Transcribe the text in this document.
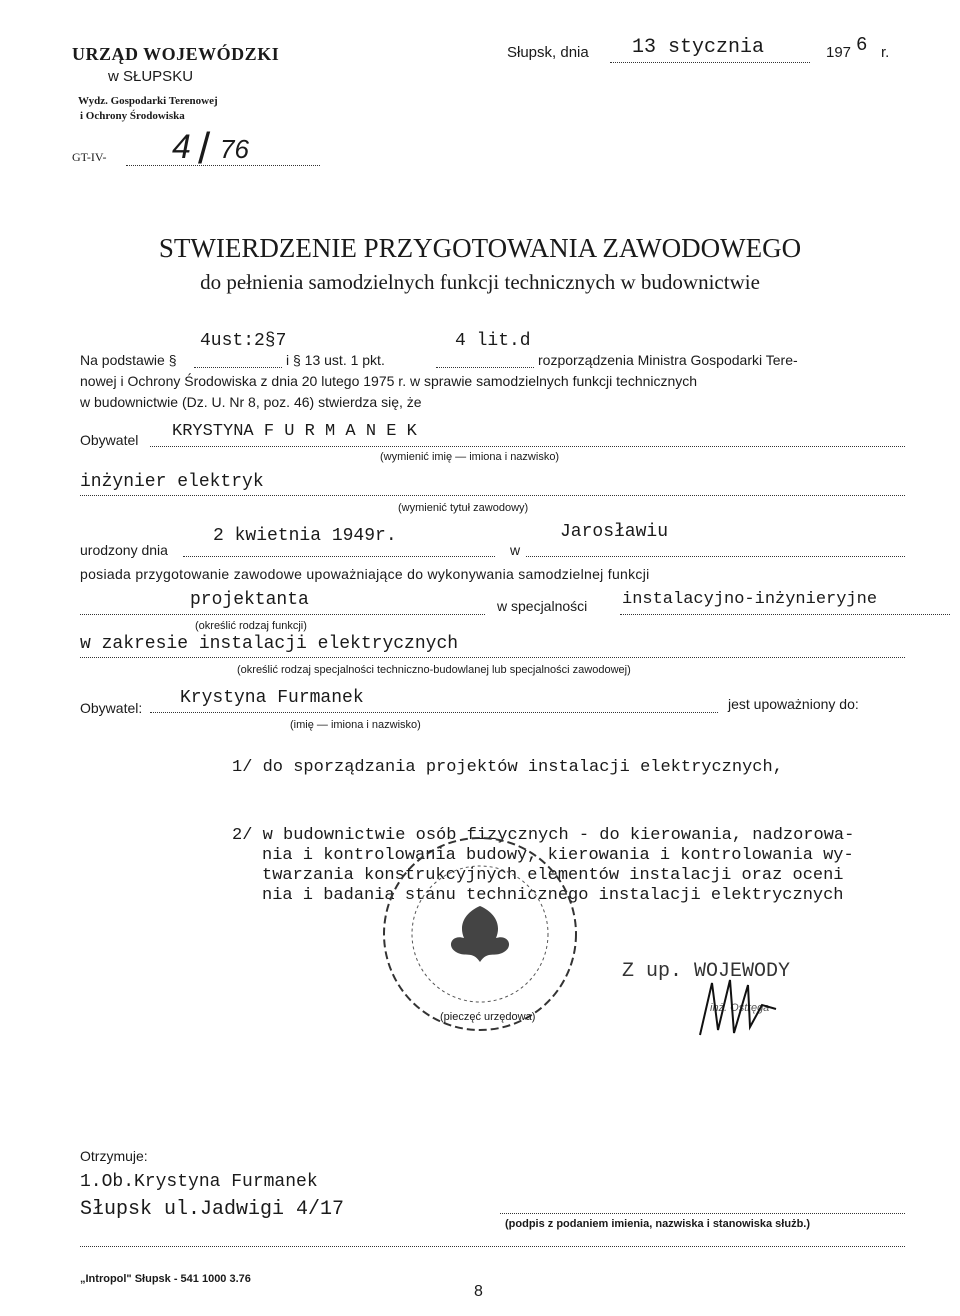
URZĄD WOJEWÓDZKI
w SŁUPSKU
Wydz. Gospodarki Terenowej
i Ochrony Środowiska
GT-IV- 4 / 76
Słupsk, dnia 13 stycznia	197 6 r.
STWIERDZENIE PRZYGOTOWANIA ZAWODOWEGO
do pełnienia samodzielnych funkcji technicznych w budownictwie
4ust:2§7	4 lit.d
Na podstawie §	i § 13 ust. 1 pkt.	rozporządzenia Ministra Gospodarki Tere-
nowej i Ochrony Środowiska z dnia 20 lutego 1975 r. w sprawie samodzielnych funkcji technicznych
w budownictwie (Dz. U. Nr 8, poz. 46) stwierdza się, że
Obywatel KRYSTYNA F U R M A N E K
(wymienić imię — imiona i nazwisko)
inżynier elektryk
(wymienić tytuł zawodowy)
urodzony dnia
2 kwietnia 1949r.
w
Jarosławiu
posiada przygotowanie zawodowe upoważniające do wykonywania samodzielnej funkcji
projektanta	w specjalności instalacyjno-inżynieryjne
(określić rodzaj funkcji)
w zakresie instalacji elektrycznych
(określić rodzaj specjalności techniczno-budowlanej lub specjalności zawodowej)
Obywatel: Krystyna Furmanek	jest upoważniony do:
(imię — imiona i nazwisko)
1/ do sporządzania projektów instalacji elektrycznych,
2/ w budownictwie osób fizycznych - do kierowania, nadzorowa-
nia i kontrolowania budowy, kierowania i kontrolowania wy-
twarzania konstrukcyjnych elementów instalacji oraz oceni
nia i badania stanu technicznego instalacji elektrycznych
Z up. WOJEWODY
inż. Ostręga
(pieczęć urzędowa)
(podpis z podaniem imienia, nazwiska i stanowiska służb.)
Otrzymuje:
1.Ob.Krystyna Furmanek
Słupsk ul.Jadwigi 4/17
„Intropol" Słupsk - 541 1000 3.76
8
